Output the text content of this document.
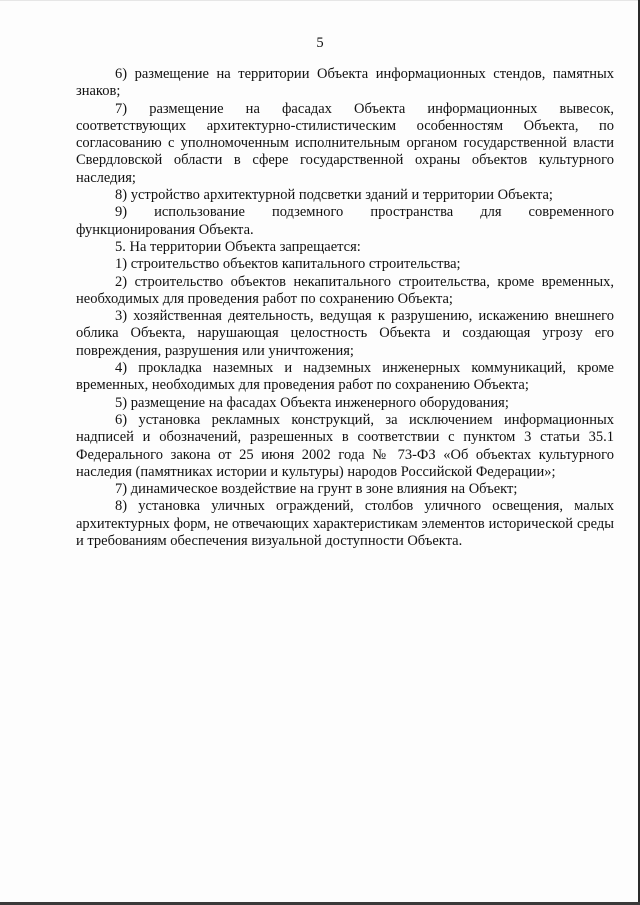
5

6) размещение на территории Объекта информационных стендов, памятных знаков;

7) размещение на фасадах Объекта информационных вывесок, соответствующих архитектурно-стилистическим особенностям Объекта, по согласованию с уполномоченным исполнительным органом государственной власти Свердловской области в сфере государственной охраны объектов культурного наследия;

8) устройство архитектурной подсветки зданий и территории Объекта;

9) использование подземного пространства для современного функционирования Объекта.

5. На территории Объекта запрещается:

1) строительство объектов капитального строительства;

2) строительство объектов некапитального строительства, кроме временных, необходимых для проведения работ по сохранению Объекта;

3) хозяйственная деятельность, ведущая к разрушению, искажению внешнего облика Объекта, нарушающая целостность Объекта и создающая угрозу его повреждения, разрушения или уничтожения;

4) прокладка наземных и надземных инженерных коммуникаций, кроме временных, необходимых для проведения работ по сохранению Объекта;

5) размещение на фасадах Объекта инженерного оборудования;

6) установка рекламных конструкций, за исключением информационных надписей и обозначений, разрешенных в соответствии с пунктом 3 статьи 35.1 Федерального закона от 25 июня 2002 года № 73-ФЗ «Об объектах культурного наследия (памятниках истории и культуры) народов Российской Федерации»;

7) динамическое воздействие на грунт в зоне влияния на Объект;

8) установка уличных ограждений, столбов уличного освещения, малых архитектурных форм, не отвечающих характеристикам элементов исторической среды и требованиям обеспечения визуальной доступности Объекта.
